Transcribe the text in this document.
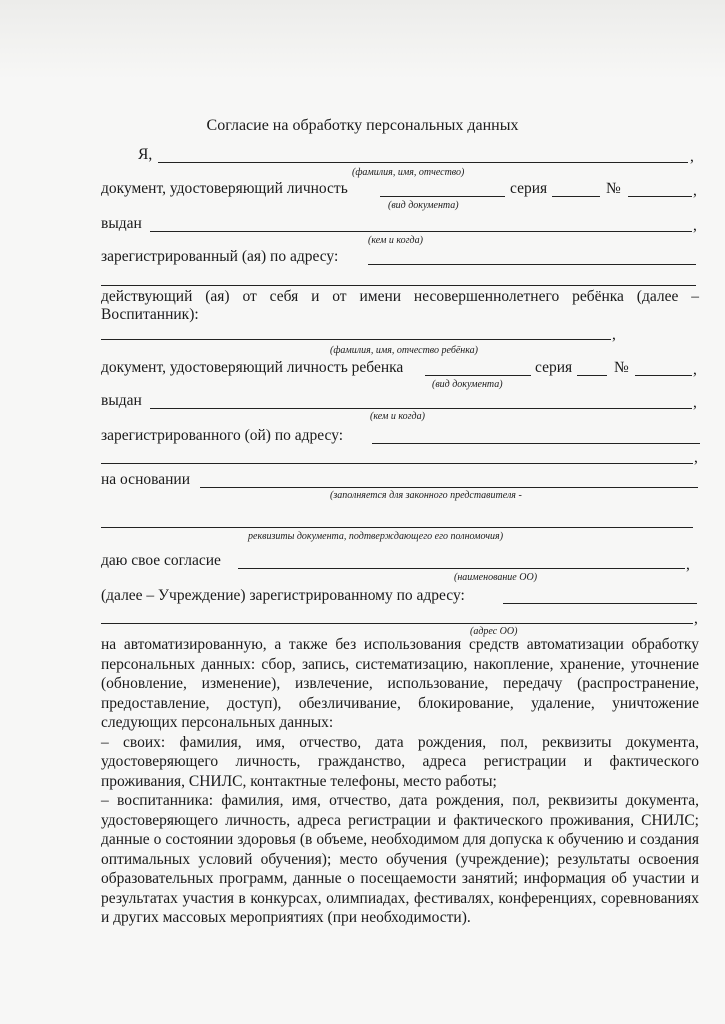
Согласие на обработку персональных данных
Я,	,
(фамилия, имя, отчество)
документ, удостоверяющий личность	серия	№	,
(вид документа)
выдан	,
(кем и когда)
зарегистрированный (ая) по адресу:
действующий (ая) от себя и от имени несовершеннолетнего ребёнка (далее –
Воспитанник):
,
(фамилия, имя, отчество ребёнка)
документ, удостоверяющий личность ребенка	серия	№	,
(вид документа)
выдан	,
(кем и когда)
зарегистрированного (ой) по адресу:
,
на основании
(заполняется для законного представителя -
реквизиты документа, подтверждающего его полномочия)
даю свое согласие	,
(наименование ОО)
(далее – Учреждение) зарегистрированному по адресу:
,
(адрес ОО)

на автоматизированную, а также без использования средств автоматизации обработку персональных данных: сбор, запись, систематизацию, накопление, хранение, уточнение (обновление, изменение), извлечение, использование, передачу (распространение, предоставление, доступ), обезличивание, блокирование, удаление, уничтожение следующих персональных данных:

– своих: фамилия, имя, отчество, дата рождения, пол, реквизиты документа, удостоверяющего личность, гражданство, адреса регистрации и фактического проживания, СНИЛС, контактные телефоны, место работы;

– воспитанника: фамилия, имя, отчество, дата рождения, пол, реквизиты документа, удостоверяющего личность, адреса регистрации и фактического проживания, СНИЛС; данные о состоянии здоровья (в объеме, необходимом для допуска к обучению и создания оптимальных условий обучения); место обучения (учреждение); результаты освоения образовательных программ, данные о посещаемости занятий; информация об участии и результатах участия в конкурсах, олимпиадах, фестивалях, конференциях, соревнованиях и других массовых мероприятиях (при необходимости).
